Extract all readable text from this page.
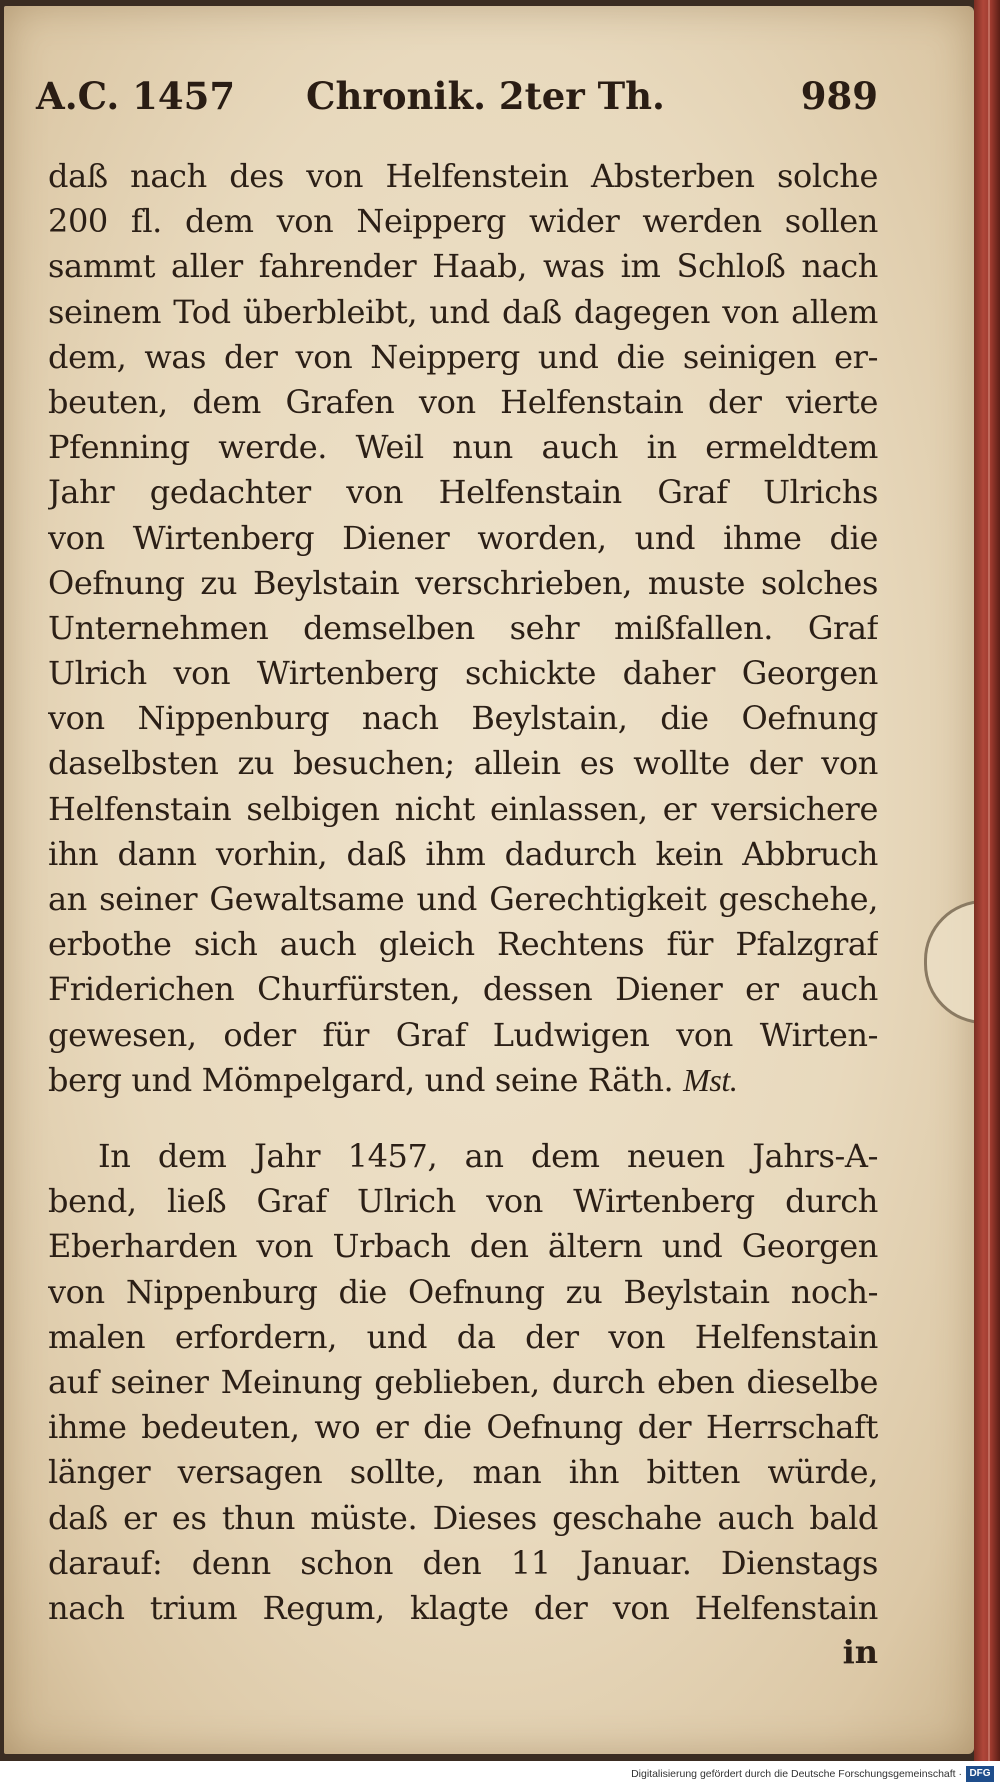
A.C. 1457 Chronik. 2ter Th.	989
daß nach des von Helfenstein Absterben solche
200 fl. dem von Neipperg wider werden sollen
sammt aller fahrender Haab, was im Schloß nach
seinem Tod überbleibt, und daß dagegen von allem
dem, was der von Neipperg und die seinigen er-
beuten, dem Grafen von Helfenstain der vierte
Pfenning werde. Weil nun auch in ermeldtem
Jahr gedachter von Helfenstain Graf Ulrichs
von Wirtenberg Diener worden, und ihme die
Oefnung zu Beylstain verschrieben, muste solches
Unternehmen demselben sehr mißfallen. Graf
Ulrich von Wirtenberg schickte daher Georgen
von Nippenburg nach Beylstain, die Oefnung
daselbsten zu besuchen; allein es wollte der von
Helfenstain selbigen nicht einlassen, er versichere
ihn dann vorhin, daß ihm dadurch kein Abbruch
an seiner Gewaltsame und Gerechtigkeit geschehe,
erbothe sich auch gleich Rechtens für Pfalzgraf
Friderichen Churfürsten, dessen Diener er auch
gewesen, oder für Graf Ludwigen von Wirten-
berg und Mömpelgard, und seine Räth. Mst.
In dem Jahr 1457, an dem neuen Jahrs-A-
bend, ließ Graf Ulrich von Wirtenberg durch
Eberharden von Urbach den ältern und Georgen
von Nippenburg die Oefnung zu Beylstain noch-
malen erfordern, und da der von Helfenstain
auf seiner Meinung geblieben, durch eben dieselbe
ihme bedeuten, wo er die Oefnung der Herrschaft
länger versagen sollte, man ihn bitten würde,
daß er es thun müste. Dieses geschahe auch bald
darauf: denn schon den 11 Januar. Dienstags
nach trium Regum, klagte der von Helfenstain
in
Digitalisierung gefördert durch die Deutsche Forschungsgemeinschaft · DFG
